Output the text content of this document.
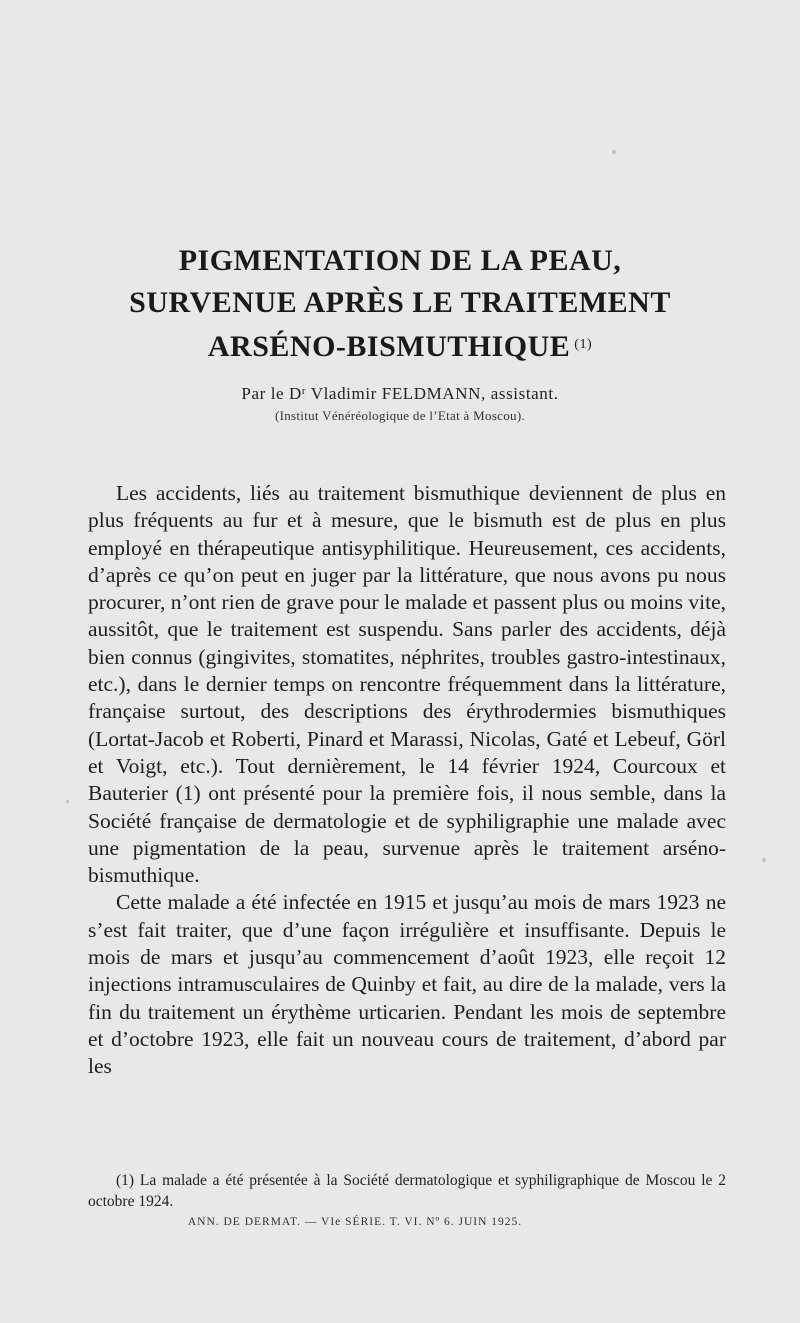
PIGMENTATION DE LA PEAU,
SURVENUE APRÈS LE TRAITEMENT
ARSÉNO-BISMUTHIQUE $^{(1)}$
Par le $D^r$ Vladimir FELDMANN, assistant.
(Institut Vénéréologique de l’Etat à Moscou).

Les accidents, liés au traitement bismuthique deviennent de plus en plus fréquents au fur et à mesure, que le bismuth est de plus en plus employé en thérapeutique antisyphilitique. Heureusement, ces accidents, d’après ce qu’on peut en juger par la littérature, que nous avons pu nous procurer, n’ont rien de grave pour le malade et passent plus ou moins vite, aussitôt, que le traitement est suspendu. Sans parler des accidents, déjà bien connus (gingivites, stomatites, néphrites, troubles gastro-intestinaux, etc.), dans le dernier temps on rencontre fréquemment dans la littérature, française surtout, des descriptions des érythrodermies bismuthiques (Lortat-Jacob et Roberti, Pinard et Marassi, Nicolas, Gaté et Lebeuf, Görl et Voigt, etc.). Tout dernièrement, le 14 février 1924, Courcoux et Bauterier (1) ont présenté pour la première fois, il nous semble, dans la Société française de dermatologie et de syphiligraphie une malade avec une pigmentation de la peau, survenue après le traitement arséno-bismuthique.

Cette malade a été infectée en 1915 et jusqu’au mois de mars 1923 ne s’est fait traiter, que d’une façon irrégulière et insuffisante. Depuis le mois de mars et jusqu’au commencement d’août 1923, elle reçoit 12 injections intramusculaires de Quinby et fait, au dire de la malade, vers la fin du traitement un érythème urticarien. Pendant les mois de septembre et d’octobre 1923, elle fait un nouveau cours de traitement, d’abord par les

(1) La malade a été présentée à la Société dermatologique et syphiligraphique de Moscou le 2 octobre 1924.

ANN. DE DERMAT. — VIe SÉRIE. T. VI. Nº 6. JUIN 1925.
